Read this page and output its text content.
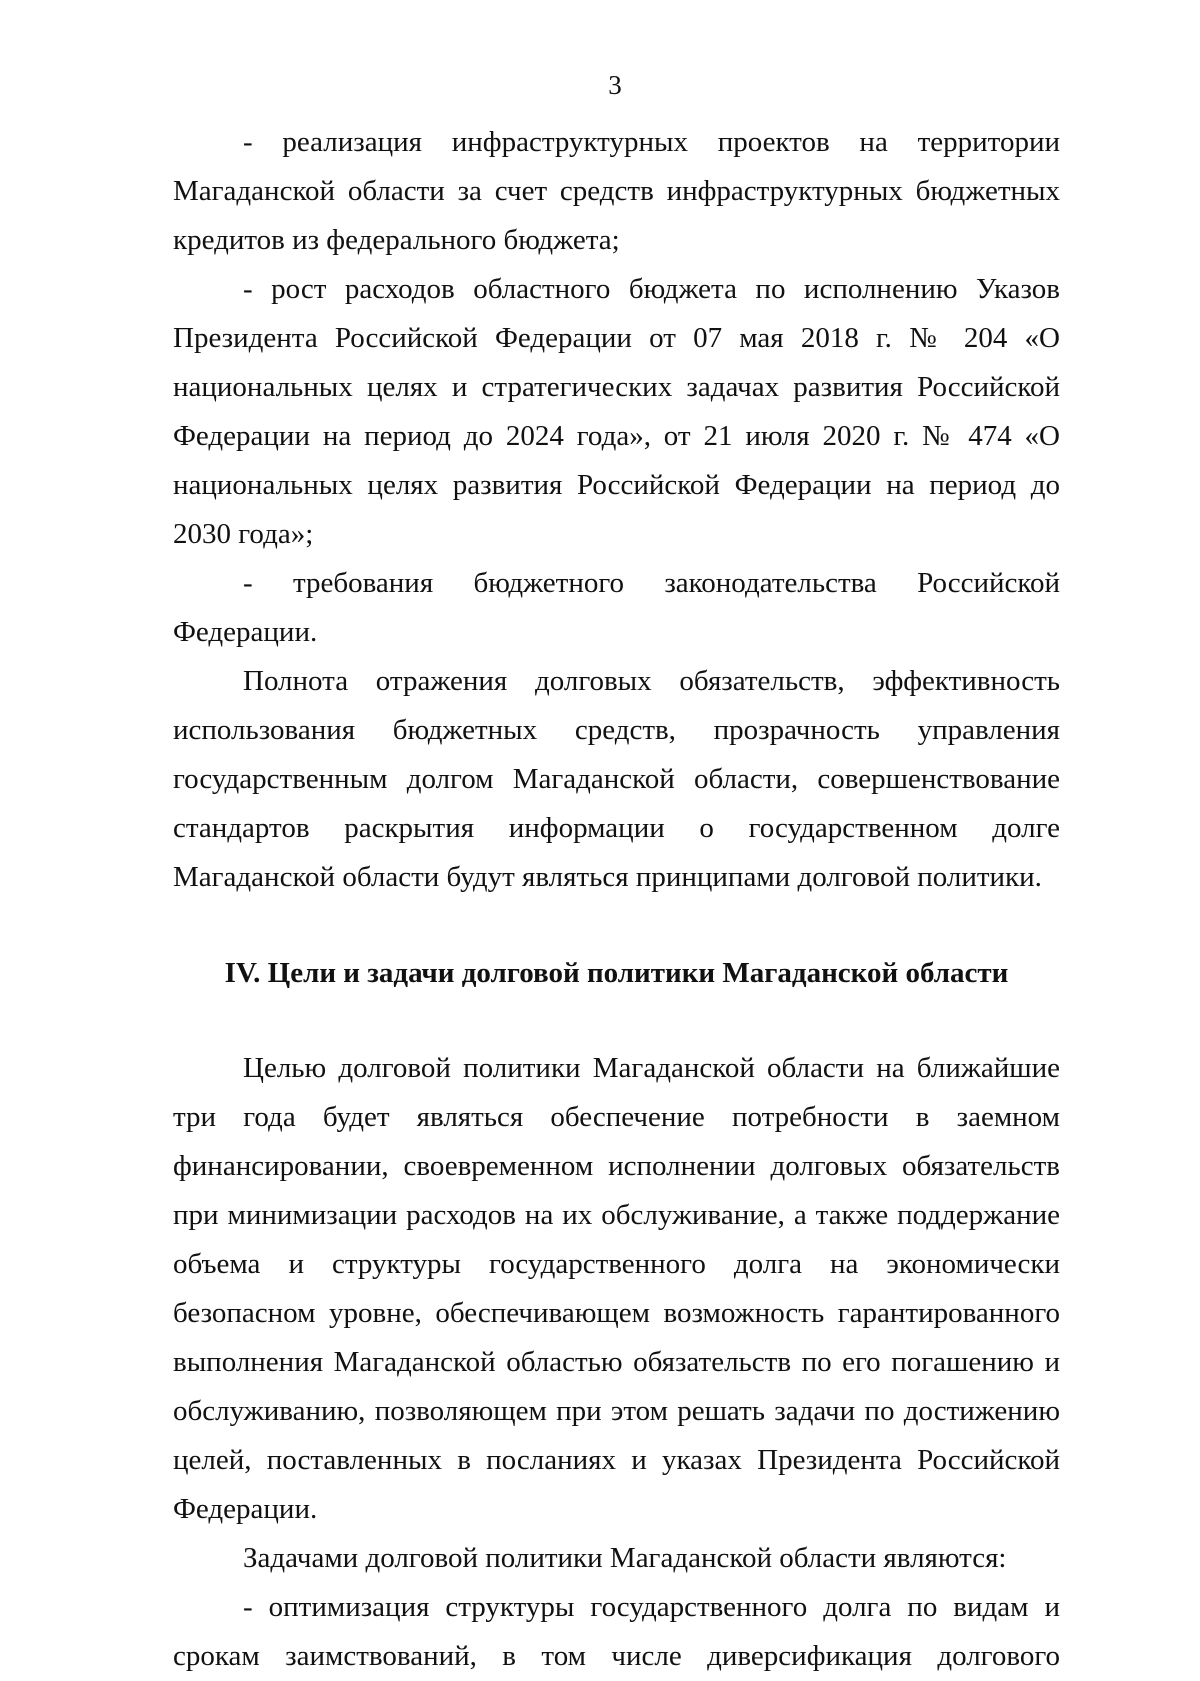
3

- реализация инфраструктурных проектов на территории Магаданской области за счет средств инфраструктурных бюджетных кредитов из федерального бюджета;

- рост расходов областного бюджета по исполнению Указов Президента Российской Федерации от 07 мая 2018 г. № 204 «О национальных целях и стратегических задачах развития Российской Федерации на период до 2024 года», от 21 июля 2020 г. № 474 «О национальных целях развития Российской Федерации на период до 2030 года»;

- требования бюджетного законодательства Российской Федерации.

Полнота отражения долговых обязательств, эффективность использования бюджетных средств, прозрачность управления государственным долгом Магаданской области, совершенствование стандартов раскрытия информации о государственном долге Магаданской области будут являться принципами долговой политики.

IV. Цели и задачи долговой политики Магаданской области

Целью долговой политики Магаданской области на ближайшие три года будет являться обеспечение потребности в заемном финансировании, своевременном исполнении долговых обязательств при минимизации расходов на их обслуживание, а также поддержание объема и структуры государственного долга на экономически безопасном уровне, обеспечивающем возможность гарантированного выполнения Магаданской областью обязательств по его погашению и обслуживанию, позволяющем при этом решать задачи по достижению целей, поставленных в посланиях и указах Президента Российской Федерации.

Задачами долговой политики Магаданской области являются:

- оптимизация структуры государственного долга по видам и срокам заимствований, в том числе диверсификация долгового
